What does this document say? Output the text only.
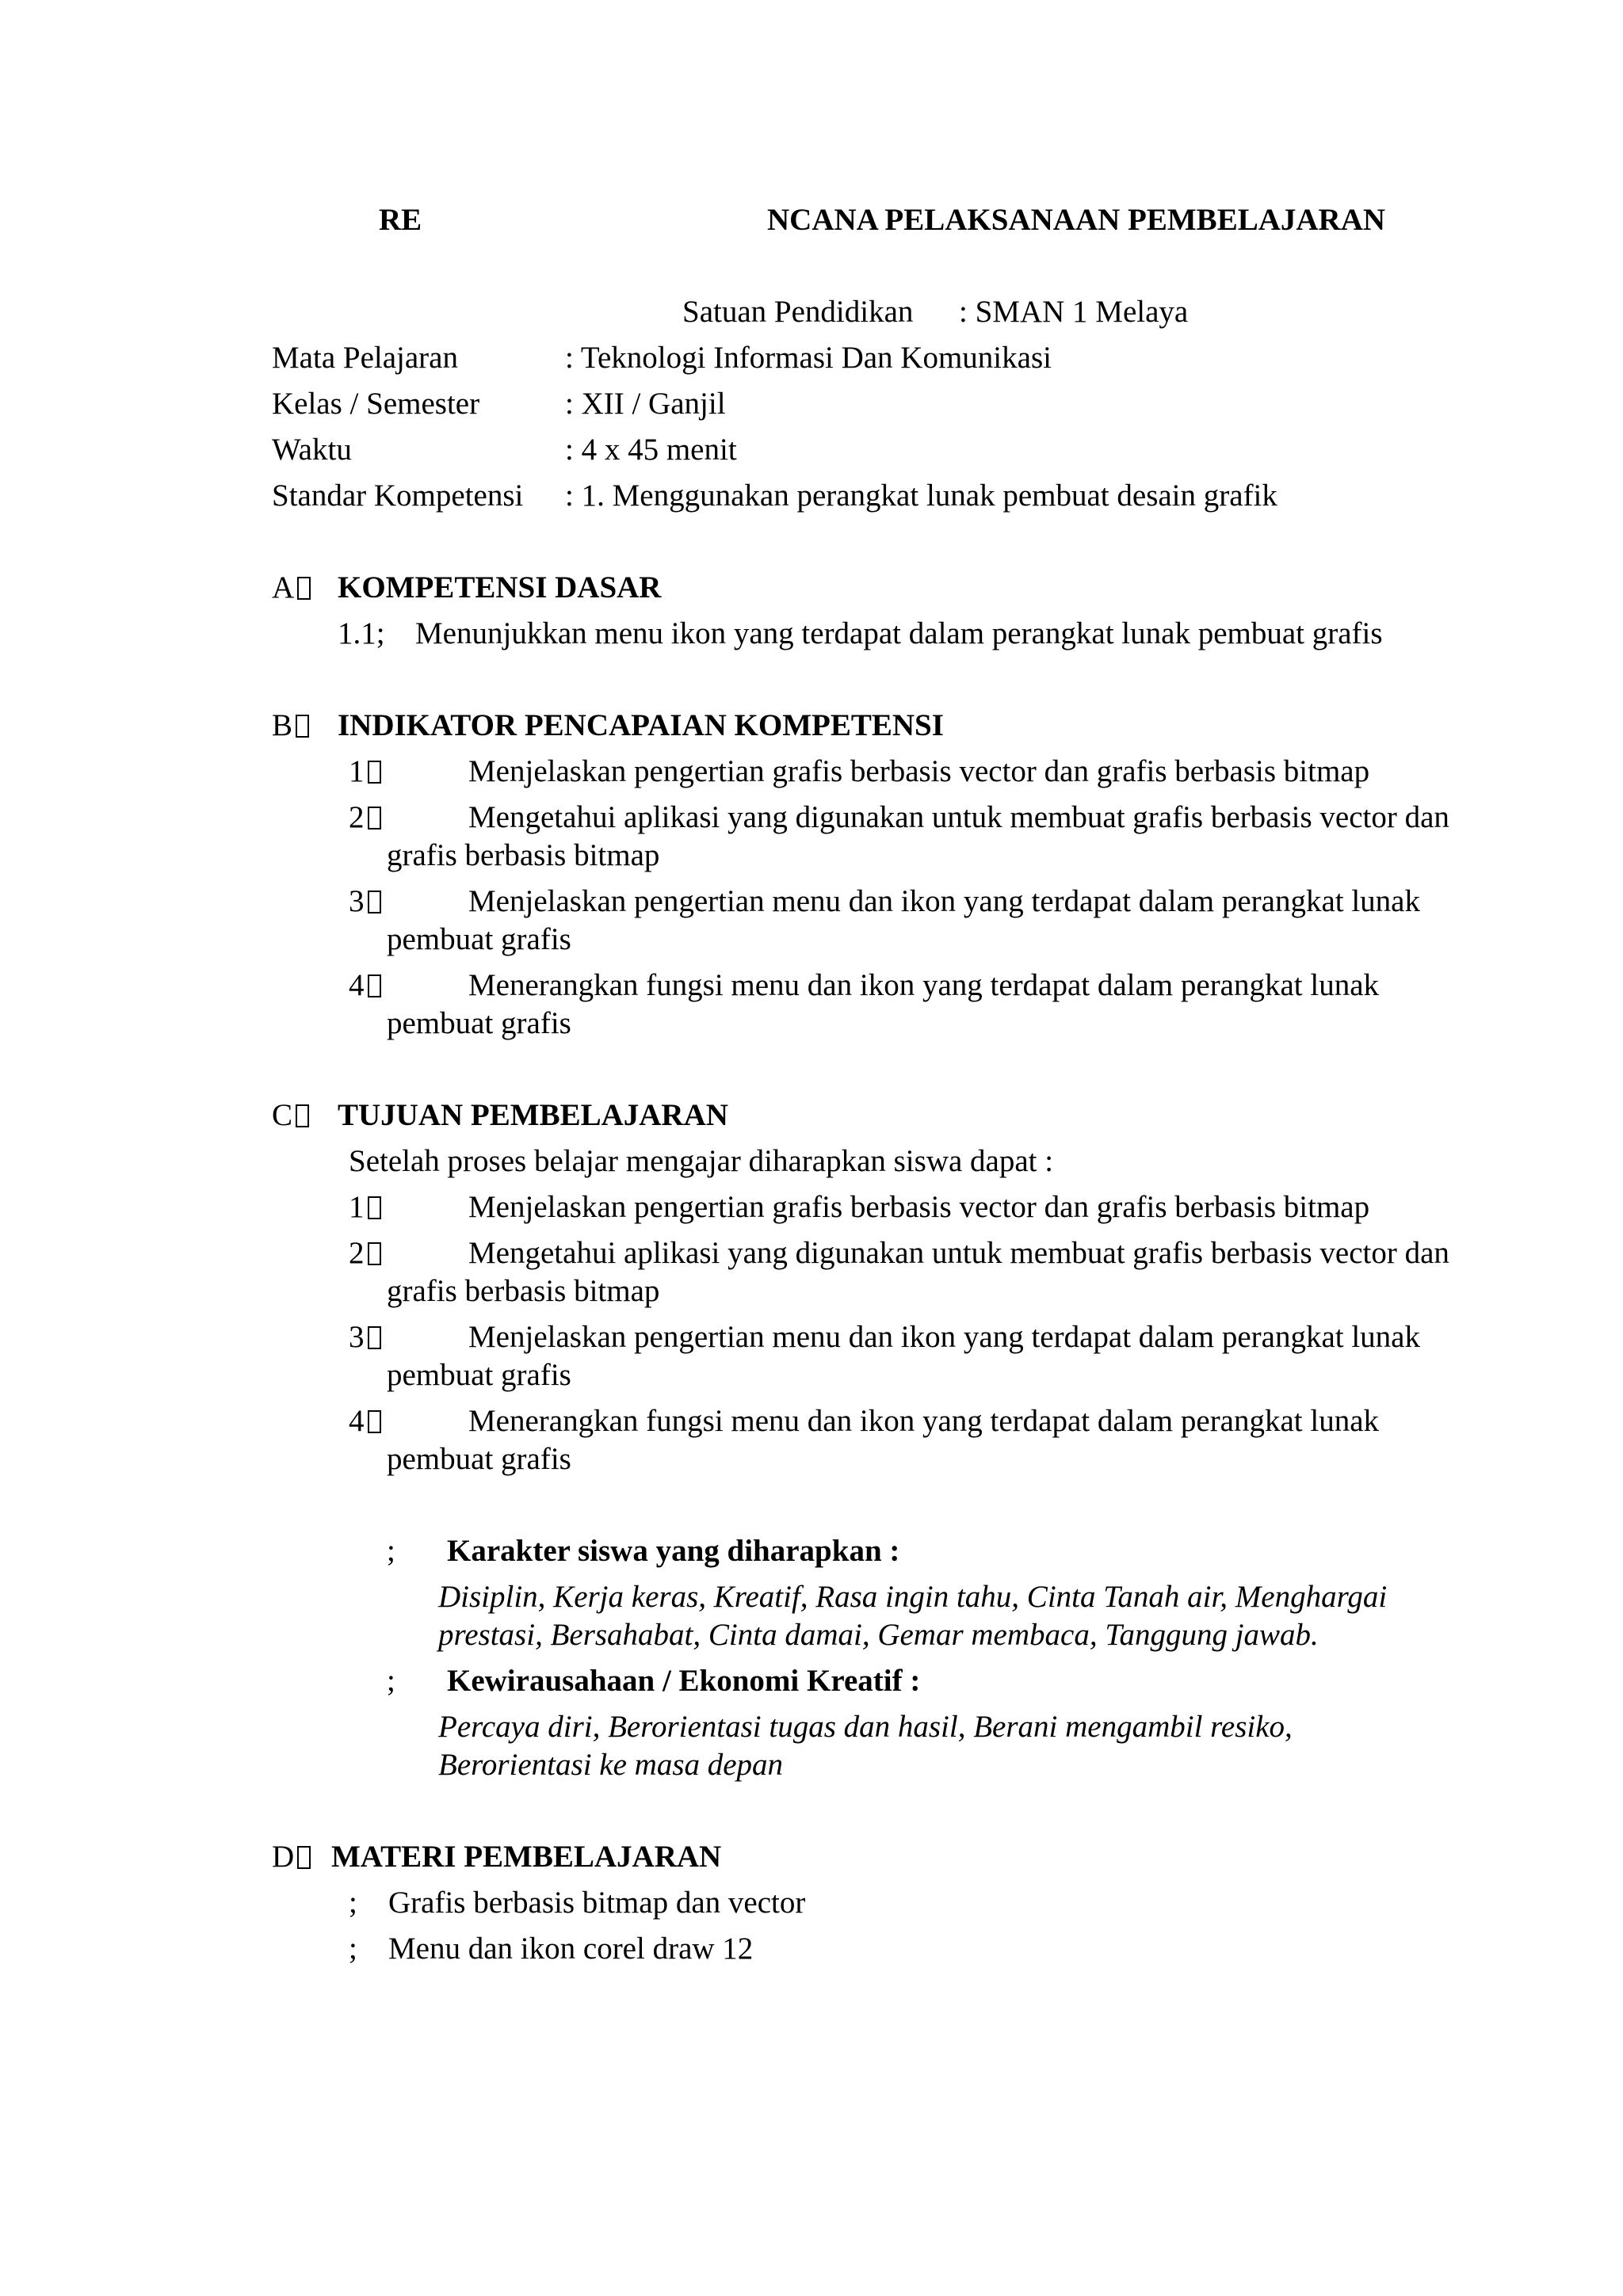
RE	NCANA PELAKSANAAN PEMBELAJARAN
Satuan Pendidikan : SMAN 1 Melaya
Mata Pelajaran	: Teknologi Informasi Dan Komunikasi
Kelas / Semester	: XII / Ganjil
Waktu	: 4 x 45 menit
Standar Kompetensi : 1. Menggunakan perangkat lunak pembuat desain grafik
A	KOMPETENSI DASAR
1.1; Menunjukkan menu ikon yang terdapat dalam perangkat lunak pembuat grafis
B	INDIKATOR PENCAPAIAN KOMPETENSI
1	Menjelaskan pengertian grafis berbasis vector dan grafis berbasis bitmap
2	Mengetahui aplikasi yang digunakan untuk membuat grafis berbasis vector dan
grafis berbasis bitmap
3	Menjelaskan pengertian menu dan ikon yang terdapat dalam perangkat lunak
pembuat grafis
4	Menerangkan fungsi menu dan ikon yang terdapat dalam perangkat lunak
pembuat grafis
C	TUJUAN PEMBELAJARAN
Setelah proses belajar mengajar diharapkan siswa dapat :
1	Menjelaskan pengertian grafis berbasis vector dan grafis berbasis bitmap
2	Mengetahui aplikasi yang digunakan untuk membuat grafis berbasis vector dan
grafis berbasis bitmap
3	Menjelaskan pengertian menu dan ikon yang terdapat dalam perangkat lunak
pembuat grafis
4	Menerangkan fungsi menu dan ikon yang terdapat dalam perangkat lunak
pembuat grafis
; Karakter siswa yang diharapkan :
Disiplin, Kerja keras, Kreatif, Rasa ingin tahu, Cinta Tanah air, Menghargai
prestasi, Bersahabat, Cinta damai, Gemar membaca, Tanggung jawab.
; Kewirausahaan / Ekonomi Kreatif :
Percaya diri, Berorientasi tugas dan hasil, Berani mengambil resiko,
Berorientasi ke masa depan
D	MATERI PEMBELAJARAN
; Grafis berbasis bitmap dan vector
; Menu dan ikon corel draw 12
